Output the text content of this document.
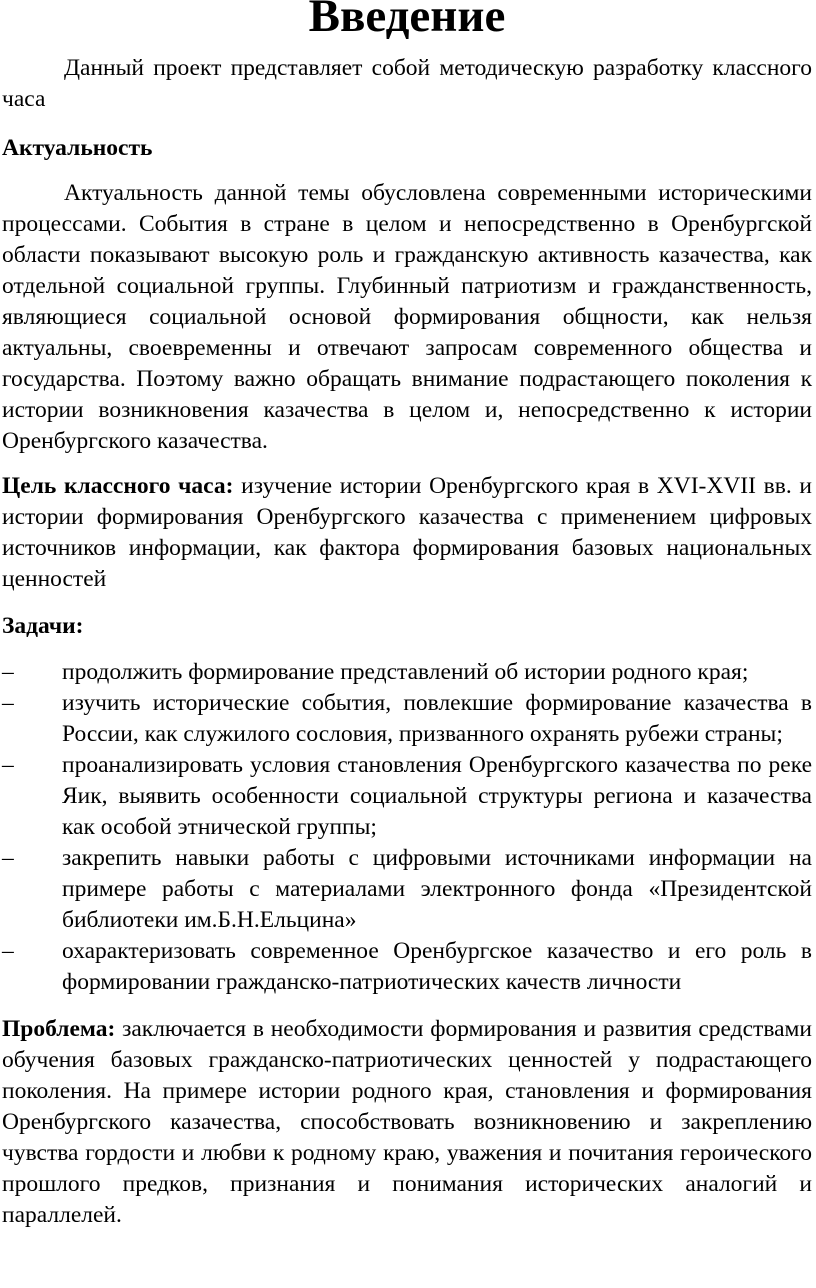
Введение

Данный проект представляет собой методическую разработку классного часа

Актуальность

Актуальность данной темы обусловлена современными историческими процессами. События в стране в целом и непосредственно в Оренбургской области показывают высокую роль и гражданскую активность казачества, как отдельной социальной группы. Глубинный патриотизм и гражданственность, являющиеся социальной основой формирования общности, как нельзя актуальны, своевременны и отвечают запросам современного общества и государства. Поэтому важно обращать внимание подрастающего поколения к истории возникновения казачества в целом и, непосредственно к истории Оренбургского казачества.

Цель классного часа: изучение истории Оренбургского края в XVI-XVII вв. и истории формирования Оренбургского казачества с применением цифровых источников информации, как фактора формирования базовых национальных ценностей

Задачи:

–	продолжить формирование представлений об истории родного края;
–	изучить исторические события, повлекшие формирование казачества в России, как служилого сословия, призванного охранять рубежи страны;
–	проанализировать условия становления Оренбургского казачества по реке Яик, выявить особенности социальной структуры региона и казачества как особой этнической группы;
–	закрепить навыки работы с цифровыми источниками информации на примере работы с материалами электронного фонда «Президентской библиотеки им.Б.Н.Ельцина»
–	охарактеризовать современное Оренбургское казачество и его роль в формировании гражданско-патриотических качеств личности

Проблема: заключается в необходимости формирования и развития средствами обучения базовых гражданско-патриотических ценностей у подрастающего поколения. На примере истории родного края, становления и формирования Оренбургского казачества, способствовать возникновению и закреплению чувства гордости и любви к родному краю, уважения и почитания героического прошлого предков, признания и понимания исторических аналогий и параллелей.
